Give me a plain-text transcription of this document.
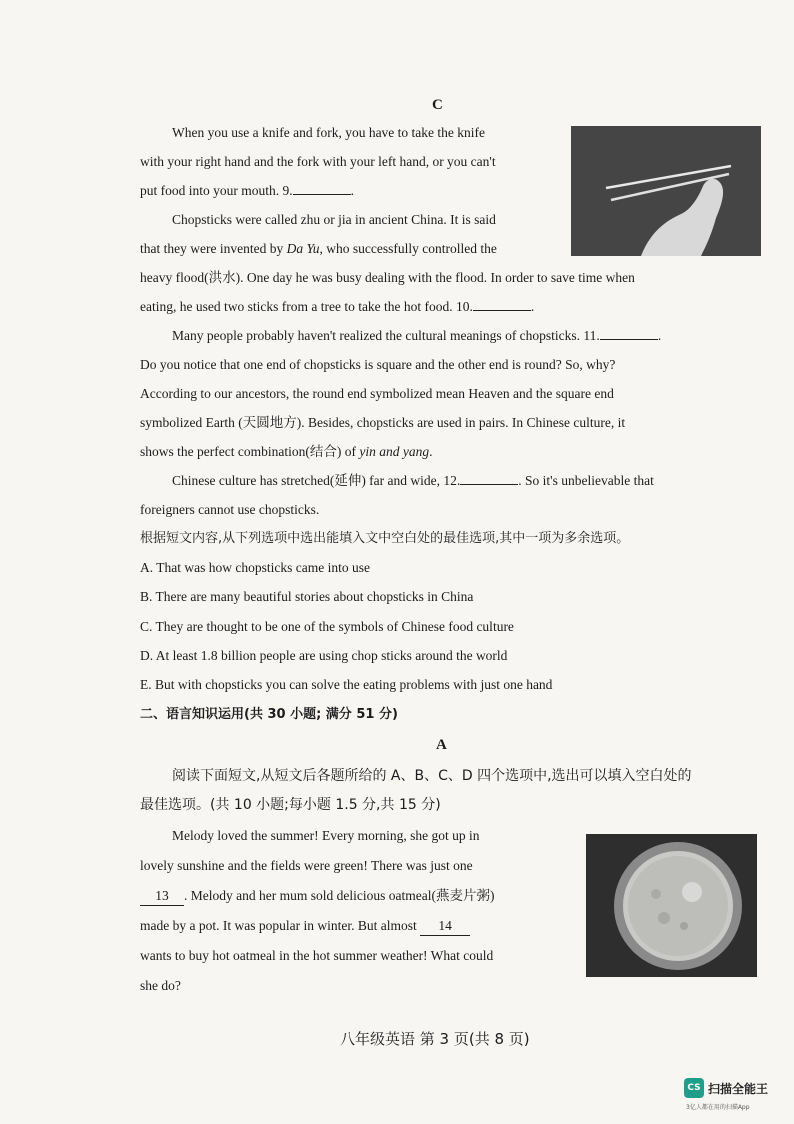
C
When you use a knife and fork, you have to take the knife
with your right hand and the fork with your left hand, or you can't
put food into your mouth. 9.	.
Chopsticks were called zhu or jia in ancient China. It is said
that they were invented by Da Yu, who successfully controlled the
heavy flood(洪水). One day he was busy dealing with the flood. In order to save time when
eating, he used two sticks from a tree to take the hot food. 10.	.
Many people probably haven't realized the cultural meanings of chopsticks. 11.	.
Do you notice that one end of chopsticks is square and the other end is round? So, why?
According to our ancestors, the round end symbolized mean Heaven and the square end
symbolized Earth (天圆地方). Besides, chopsticks are used in pairs. In Chinese culture, it
shows the perfect combination(结合) of yin and yang.
Chinese culture has stretched(延伸) far and wide, 12.	. So it's unbelievable that
foreigners cannot use chopsticks.
根据短文内容,从下列选项中选出能填入文中空白处的最佳选项,其中一项为多余选项。
A. That was how chopsticks came into use
B. There are many beautiful stories about chopsticks in China
C. They are thought to be one of the symbols of Chinese food culture
D. At least 1.8 billion people are using chop sticks around the world
E. But with chopsticks you can solve the eating problems with just one hand
二、语言知识运用(共 30 小题; 满分 51 分)
A
阅读下面短文,从短文后各题所给的 A、B、C、D 四个选项中,选出可以填入空白处的
最佳选项。(共 10 小题;每小题 1.5 分,共 15 分)
Melody loved the summer! Every morning, she got up in
lovely sunshine and the fields were green! There was just one
13 . Melody and her mum sold delicious oatmeal(燕麦片粥)
made by a pot. It was popular in winter. But almost 14
wants to buy hot oatmeal in the hot summer weather! What could
she do?
八年级英语 第 3 页(共 8 页)
CS 扫描全能王
3亿人都在用的扫描App
